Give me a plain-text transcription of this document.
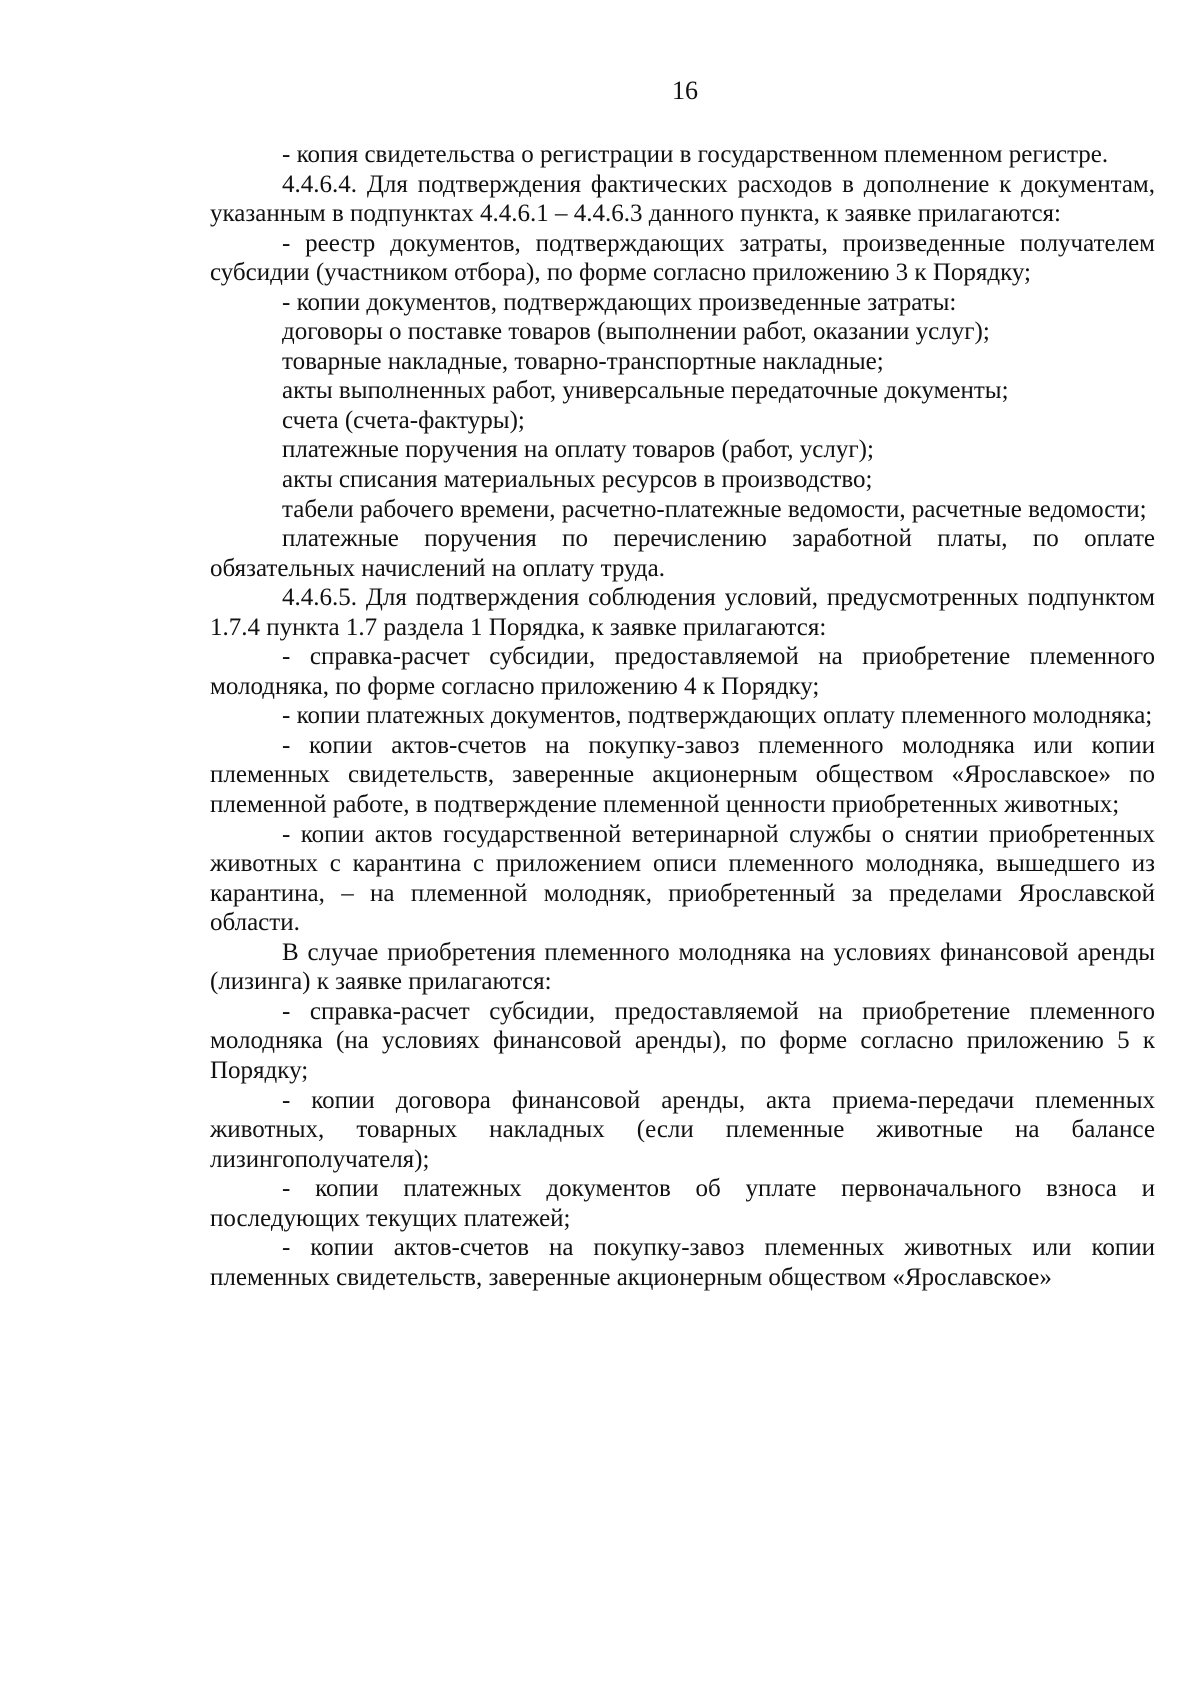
16

- копия свидетельства о регистрации в государственном племенном регистре.

4.4.6.4. Для подтверждения фактических расходов в дополнение к документам, указанным в подпунктах 4.4.6.1 – 4.4.6.3 данного пункта, к заявке прилагаются:

- реестр документов, подтверждающих затраты, произведенные получателем субсидии (участником отбора), по форме согласно приложению 3 к Порядку;

- копии документов, подтверждающих произведенные затраты:

договоры о поставке товаров (выполнении работ, оказании услуг);

товарные накладные, товарно-транспортные накладные;

акты выполненных работ, универсальные передаточные документы;

счета (счета-фактуры);

платежные поручения на оплату товаров (работ, услуг);

акты списания материальных ресурсов в производство;

табели рабочего времени, расчетно-платежные ведомости, расчетные ведомости;

платежные поручения по перечислению заработной платы, по оплате обязательных начислений на оплату труда.

4.4.6.5. Для подтверждения соблюдения условий, предусмотренных подпунктом 1.7.4 пункта 1.7 раздела 1 Порядка, к заявке прилагаются:

- справка-расчет субсидии, предоставляемой на приобретение племенного молодняка, по форме согласно приложению 4 к Порядку;

- копии платежных документов, подтверждающих оплату племенного молодняка;

- копии актов-счетов на покупку-завоз племенного молодняка или копии племенных свидетельств, заверенные акционерным обществом «Ярославское» по племенной работе, в подтверждение племенной ценности приобретенных животных;

- копии актов государственной ветеринарной службы о снятии приобретенных животных с карантина с приложением описи племенного молодняка, вышедшего из карантина, – на племенной молодняк, приобретенный за пределами Ярославской области.

В случае приобретения племенного молодняка на условиях финансовой аренды (лизинга) к заявке прилагаются:

- справка-расчет субсидии, предоставляемой на приобретение племенного молодняка (на условиях финансовой аренды), по форме согласно приложению 5 к Порядку;

- копии договора финансовой аренды, акта приема-передачи племенных животных, товарных накладных (если племенные животные на балансе лизингополучателя);

- копии платежных документов об уплате первоначального взноса и последующих текущих платежей;

- копии актов-счетов на покупку-завоз племенных животных или копии племенных свидетельств, заверенные акционерным обществом «Ярославское»
